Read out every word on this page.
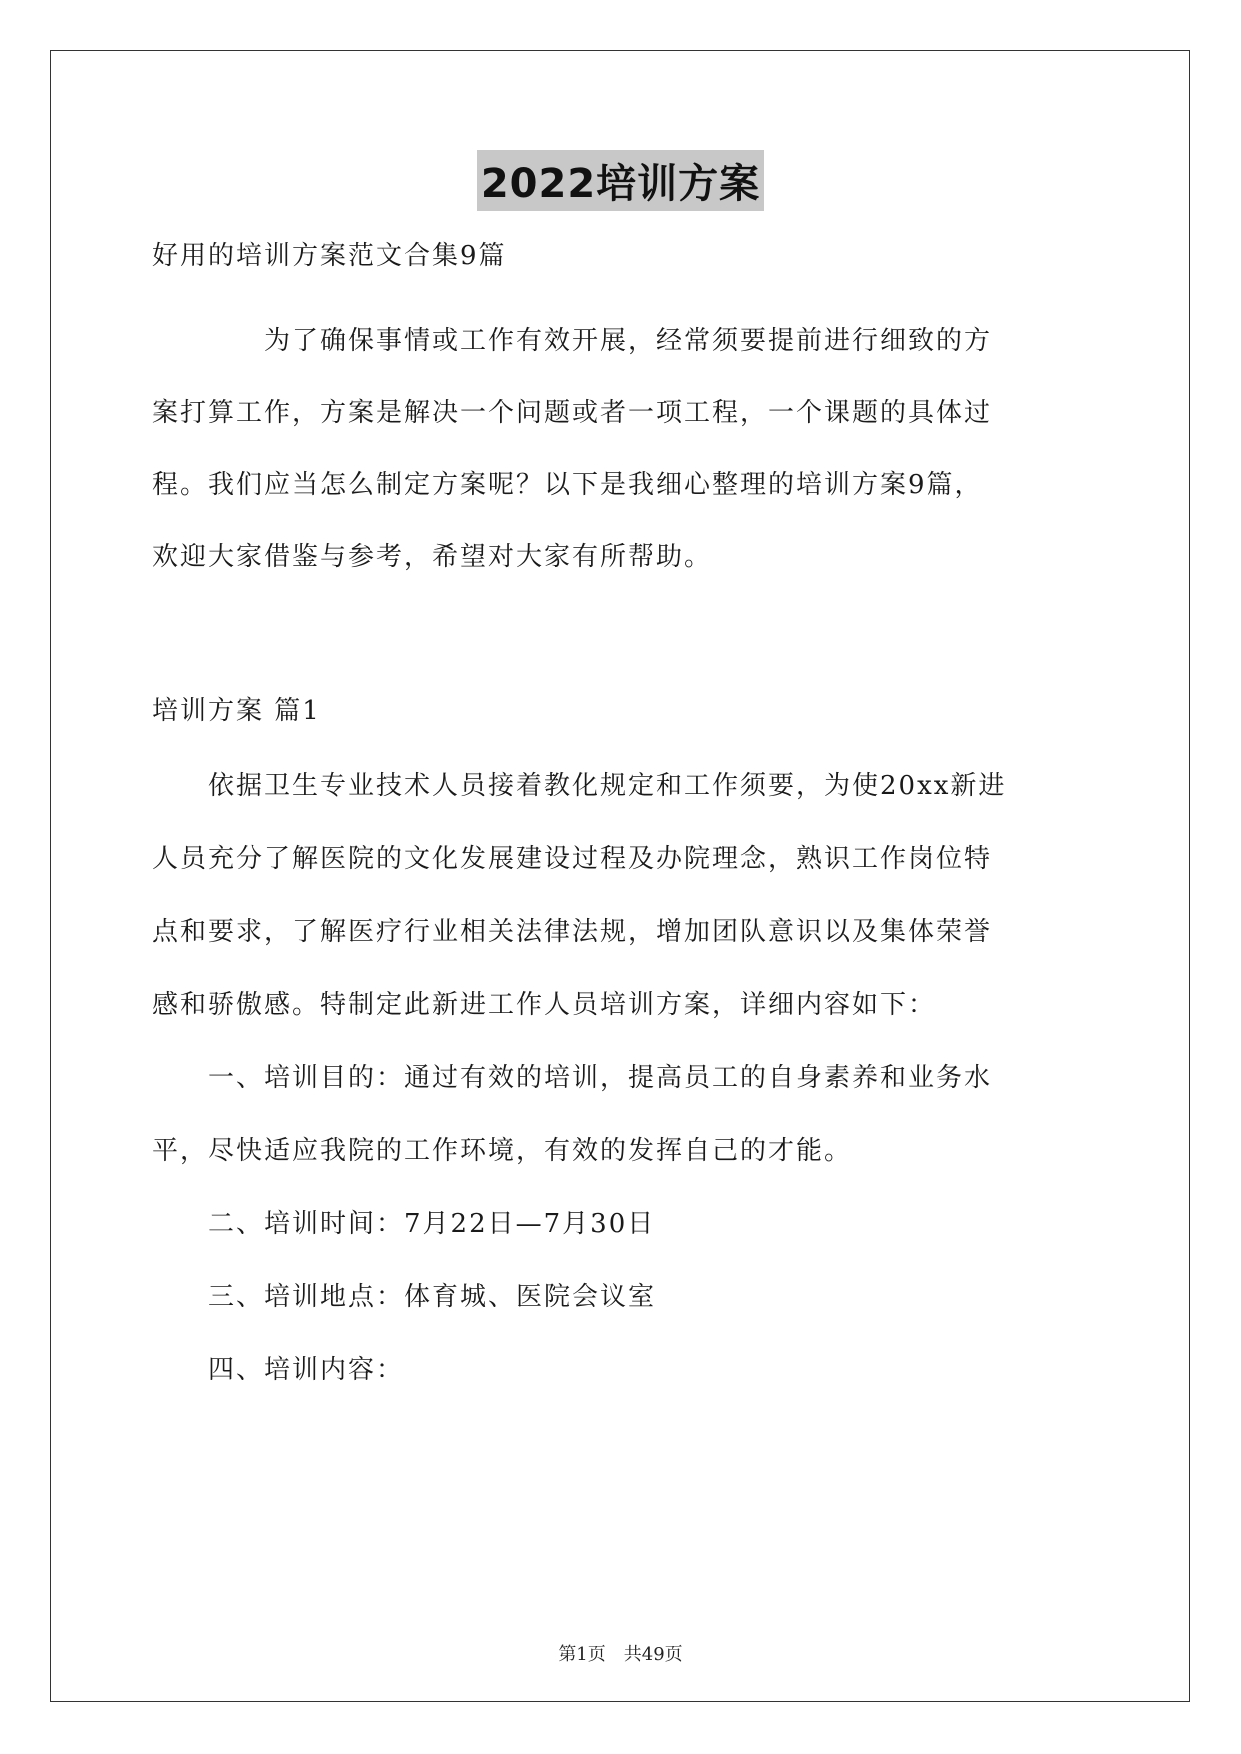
2022培训方案
好用的培训方案范文合集9篇
为了确保事情或工作有效开展，经常须要提前进行细致的方
案打算工作，方案是解决一个问题或者一项工程，一个课题的具体过
程。我们应当怎么制定方案呢？以下是我细心整理的培训方案9篇，
欢迎大家借鉴与参考，希望对大家有所帮助。
培训方案 篇1
依据卫生专业技术人员接着教化规定和工作须要，为使20xx新进
人员充分了解医院的文化发展建设过程及办院理念，熟识工作岗位特
点和要求，了解医疗行业相关法律法规，增加团队意识以及集体荣誉
感和骄傲感。特制定此新进工作人员培训方案，详细内容如下：
一、培训目的：通过有效的培训，提高员工的自身素养和业务水
平，尽快适应我院的工作环境，有效的发挥自己的才能。
二、培训时间：7月22日—7月30日
三、培训地点：体育城、医院会议室
四、培训内容：
第1页　共49页
